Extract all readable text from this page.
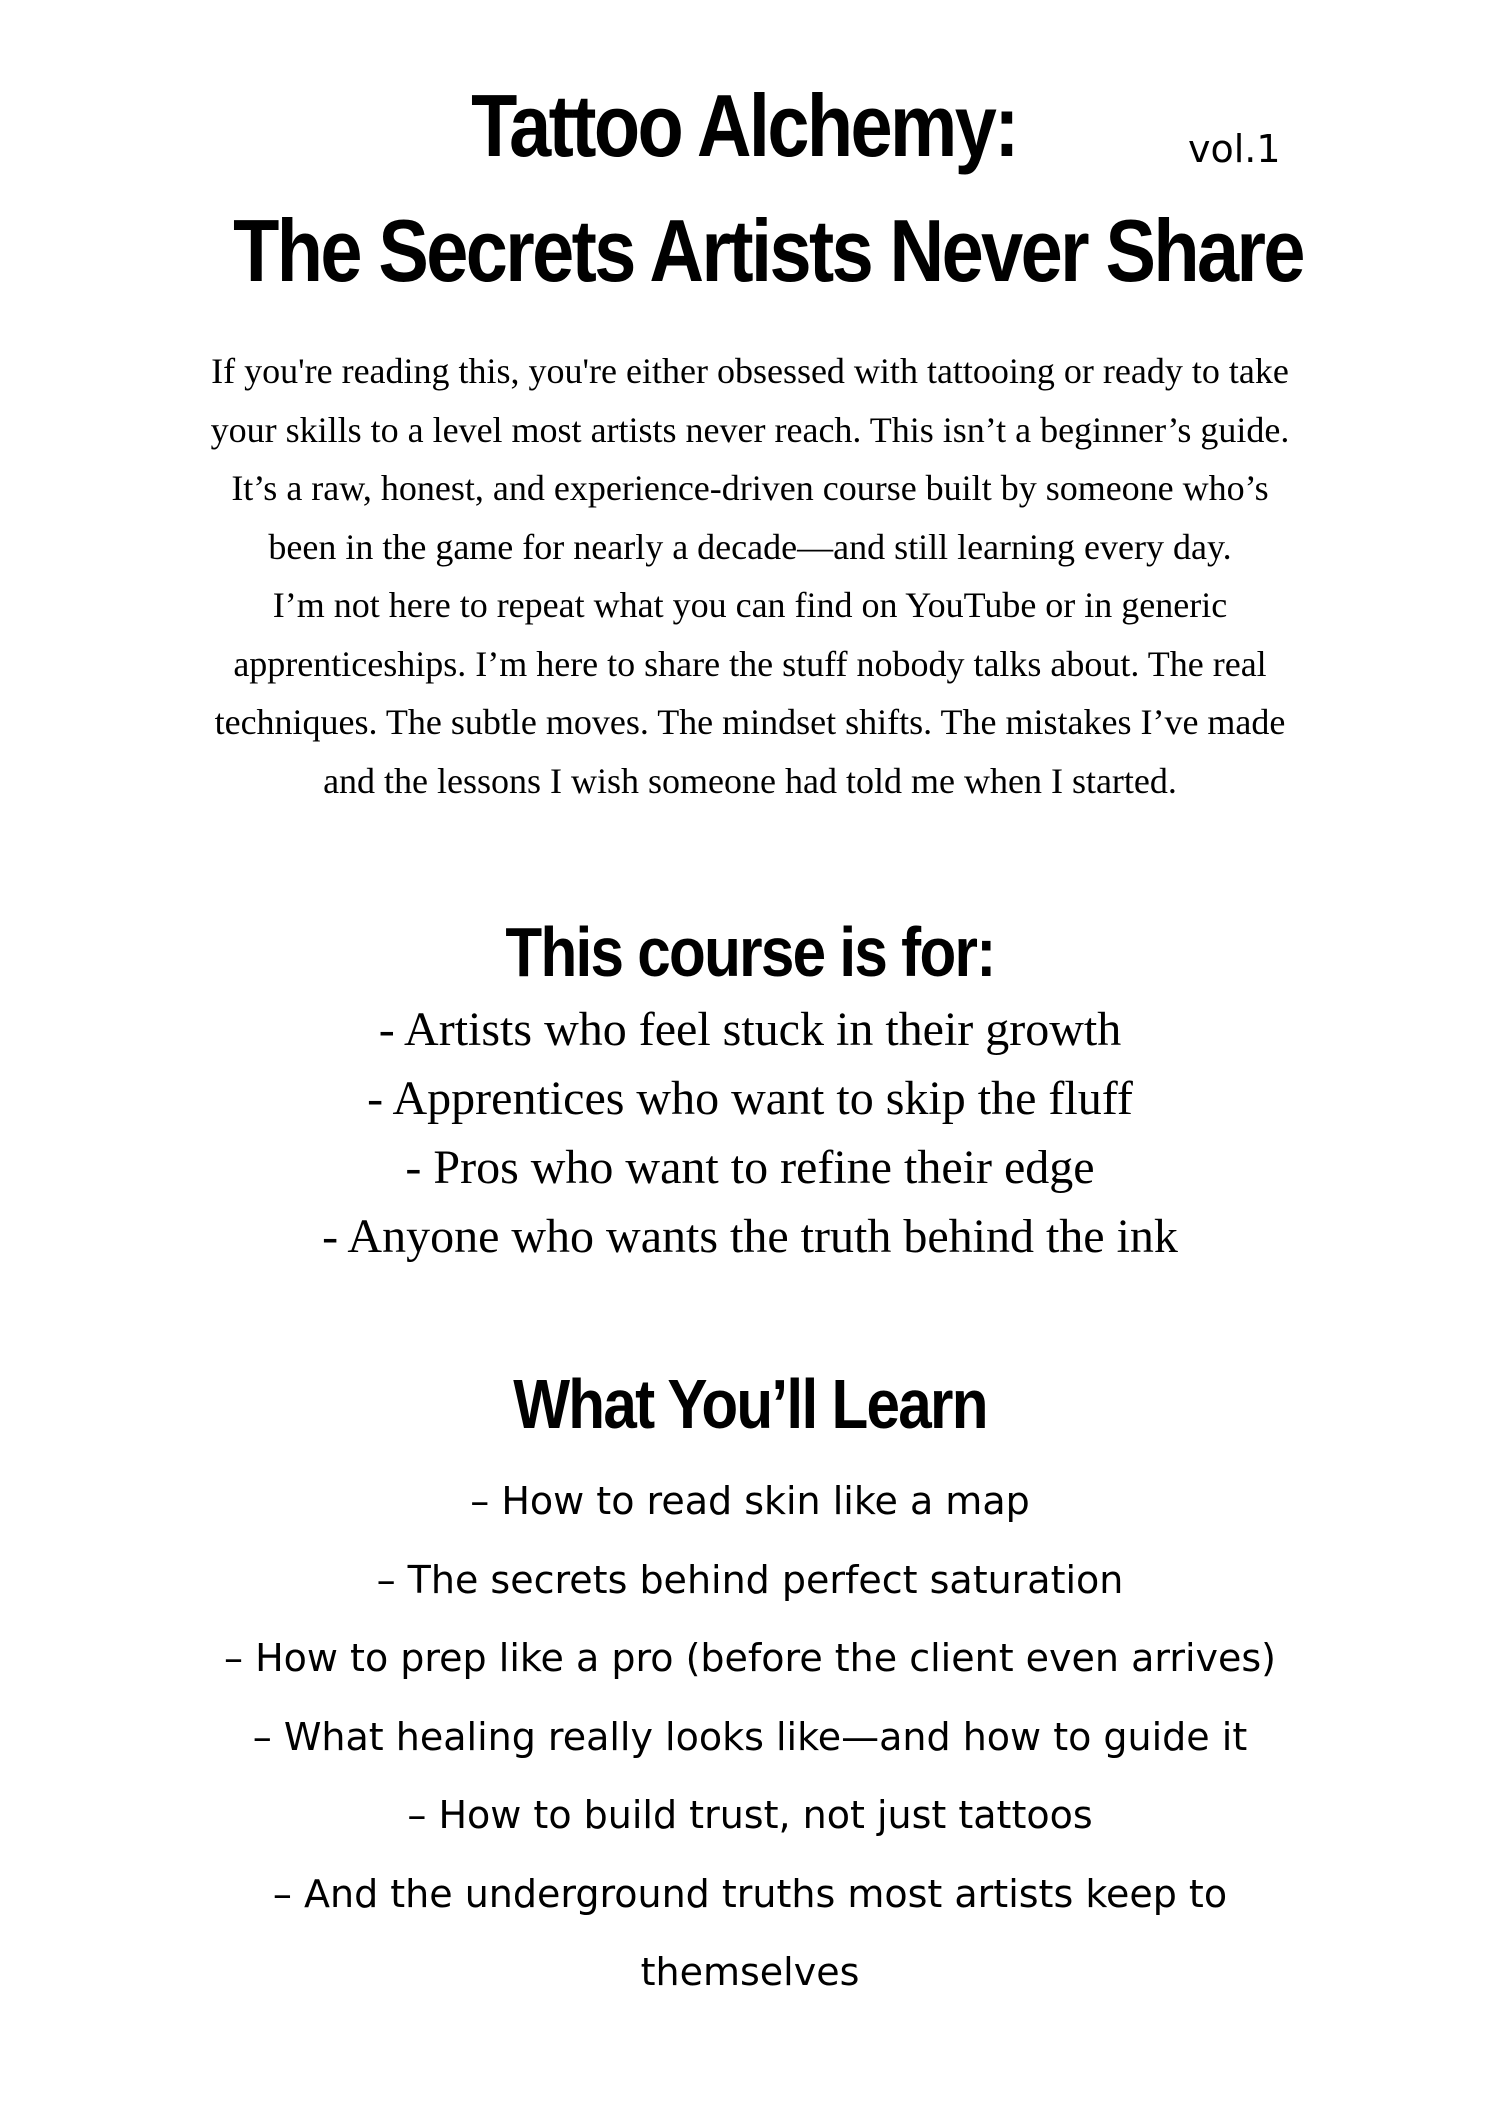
Tattoo Alchemy:	vol.1
The Secrets Artists Never Share

If you're reading this, you're either obsessed with tattooing or ready to take
your skills to a level most artists never reach. This isn’t a beginner’s guide.
It’s a raw, honest, and experience-driven course built by someone who’s
been in the game for nearly a decade—and still learning every day.
I’m not here to repeat what you can find on YouTube or in generic
apprenticeships. I’m here to share the stuff nobody talks about. The real
techniques. The subtle moves. The mindset shifts. The mistakes I’ve made
and the lessons I wish someone had told me when I started.

This course is for:
- Artists who feel stuck in their growth
- Apprentices who want to skip the fluff
- Pros who want to refine their edge
- Anyone who wants the truth behind the ink
What You’ll Learn
– How to read skin like a map
– The secrets behind perfect saturation
– How to prep like a pro (before the client even arrives)
– What healing really looks like—and how to guide it
– How to build trust, not just tattoos
– And the underground truths most artists keep to
themselves
